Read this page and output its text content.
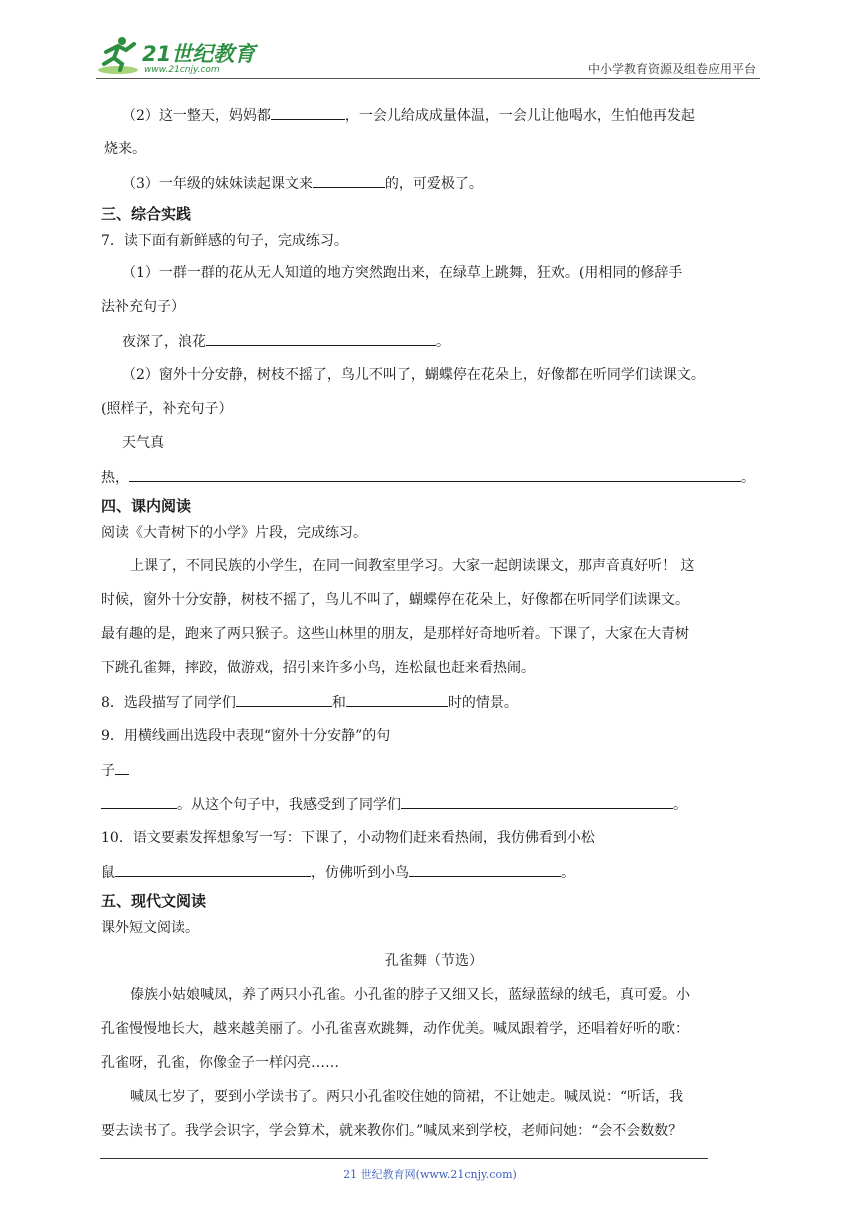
21世纪教育
www.21cnjy.com	中小学教育资源及组卷应用平台
（2）这一整天，妈妈都	，一会儿给成成量体温，一会儿让他喝水，生怕他再发起
烧来。
（3）一年级的妹妹读起课文来	的，可爱极了。
三、综合实践
7．读下面有新鲜感的句子，完成练习。
（1）一群一群的花从无人知道的地方突然跑出来，在绿草上跳舞，狂欢。(用相同的修辞手
法补充句子）
夜深了，浪花	。
（2）窗外十分安静，树枝不摇了，鸟儿不叫了，蝴蝶停在花朵上，好像都在听同学们读课文。
(照样子，补充句子）
天气真
热，	。
四、课内阅读
阅读《大青树下的小学》片段，完成练习。
上课了，不同民族的小学生，在同一间教室里学习。大家一起朗读课文，那声音真好听！ 这
时候，窗外十分安静，树枝不摇了，鸟儿不叫了，蝴蝶停在花朵上，好像都在听同学们读课文。
最有趣的是，跑来了两只猴子。这些山林里的朋友，是那样好奇地听着。下课了，大家在大青树
下跳孔雀舞，摔跤，做游戏，招引来许多小鸟，连松鼠也赶来看热闹。
8．选段描写了同学们	和	时的情景。
9．用横线画出选段中表现“窗外十分安静”的句
子
。从这个句子中，我感受到了同学们	。
10．语文要素发挥想象写一写：下课了，小动物们赶来看热闹，我仿佛看到小松
鼠	，仿佛听到小鸟	。
五、现代文阅读
课外短文阅读。
孔雀舞（节选）
傣族小姑娘喊凤，养了两只小孔雀。小孔雀的脖子又细又长，蓝绿蓝绿的绒毛，真可爱。小
孔雀慢慢地长大，越来越美丽了。小孔雀喜欢跳舞，动作优美。喊凤跟着学，还唱着好听的歌：
孔雀呀，孔雀，你像金子一样闪亮……
喊凤七岁了，要到小学读书了。两只小孔雀咬住她的筒裙，不让她走。喊凤说：“听话，我
要去读书了。我学会识字，学会算术，就来教你们。”喊凤来到学校，老师问她：“会不会数数？
21 世纪教育网(www.21cnjy.com)
